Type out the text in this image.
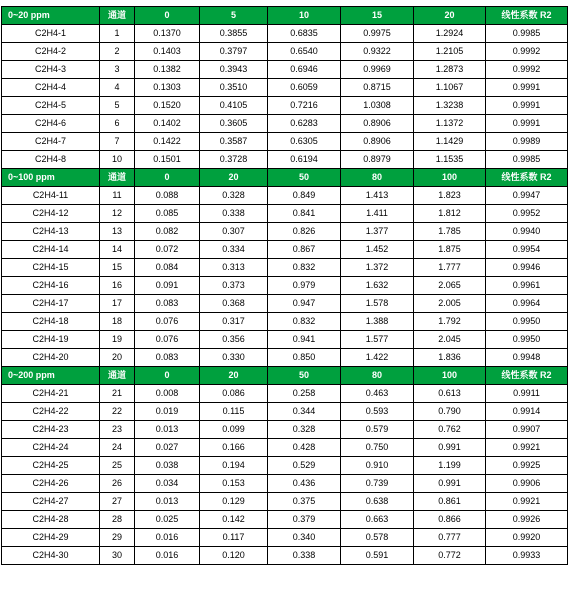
0~20 ppm	通道	0	5	10	15	20	线性系数 R2
C2H4-1	1	0.1370	0.3855	0.6835	0.9975	1.2924	0.9985
C2H4-2	2	0.1403	0.3797	0.6540	0.9322	1.2105	0.9992
C2H4-3	3	0.1382	0.3943	0.6946	0.9969	1.2873	0.9992
C2H4-4	4	0.1303	0.3510	0.6059	0.8715	1.1067	0.9991
C2H4-5	5	0.1520	0.4105	0.7216	1.0308	1.3238	0.9991
C2H4-6	6	0.1402	0.3605	0.6283	0.8906	1.1372	0.9991
C2H4-7	7	0.1422	0.3587	0.6305	0.8906	1.1429	0.9989
C2H4-8	10	0.1501	0.3728	0.6194	0.8979	1.1535	0.9985
0~100 ppm	通道	0	20	50	80	100	线性系数 R2
C2H4-11	11	0.088	0.328	0.849	1.413	1.823	0.9947
C2H4-12	12	0.085	0.338	0.841	1.411	1.812	0.9952
C2H4-13	13	0.082	0.307	0.826	1.377	1.785	0.9940
C2H4-14	14	0.072	0.334	0.867	1.452	1.875	0.9954
C2H4-15	15	0.084	0.313	0.832	1.372	1.777	0.9946
C2H4-16	16	0.091	0.373	0.979	1.632	2.065	0.9961
C2H4-17	17	0.083	0.368	0.947	1.578	2.005	0.9964
C2H4-18	18	0.076	0.317	0.832	1.388	1.792	0.9950
C2H4-19	19	0.076	0.356	0.941	1.577	2.045	0.9950
C2H4-20	20	0.083	0.330	0.850	1.422	1.836	0.9948
0~200 ppm	通道	0	20	50	80	100	线性系数 R2
C2H4-21	21	0.008	0.086	0.258	0.463	0.613	0.9911
C2H4-22	22	0.019	0.115	0.344	0.593	0.790	0.9914
C2H4-23	23	0.013	0.099	0.328	0.579	0.762	0.9907
C2H4-24	24	0.027	0.166	0.428	0.750	0.991	0.9921
C2H4-25	25	0.038	0.194	0.529	0.910	1.199	0.9925
C2H4-26	26	0.034	0.153	0.436	0.739	0.991	0.9906
C2H4-27	27	0.013	0.129	0.375	0.638	0.861	0.9921
C2H4-28	28	0.025	0.142	0.379	0.663	0.866	0.9926
C2H4-29	29	0.016	0.117	0.340	0.578	0.777	0.9920
C2H4-30	30	0.016	0.120	0.338	0.591	0.772	0.9933
